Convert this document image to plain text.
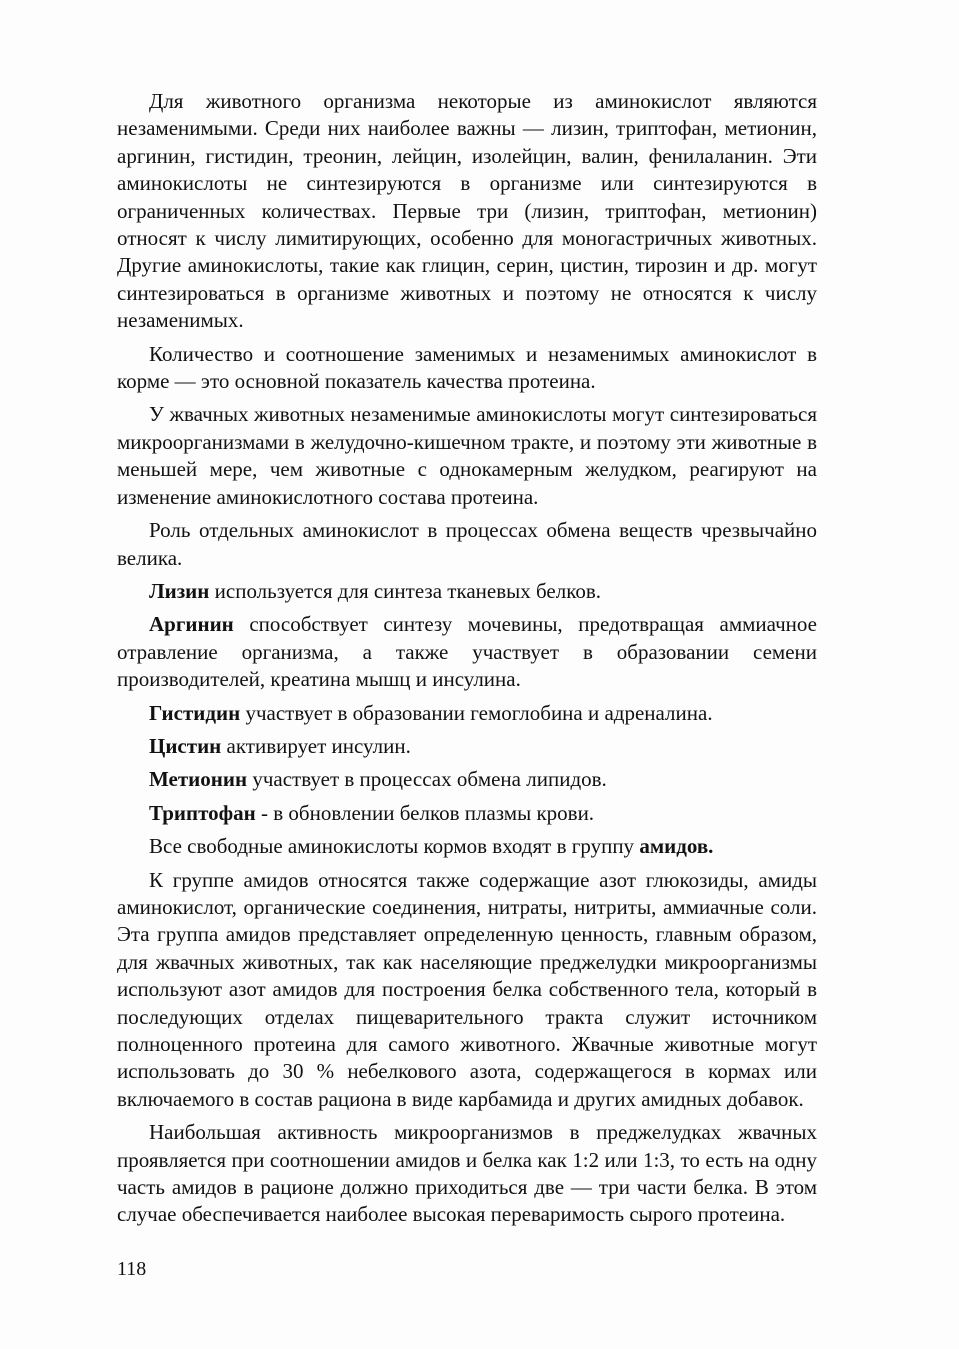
Для животного организма некоторые из аминокислот являются незаменимыми. Среди них наиболее важны — лизин, триптофан, метионин, аргинин, гистидин, треонин, лейцин, изолейцин, валин, фенилаланин. Эти аминокислоты не синтезируются в организме или синтезируются в ограниченных количествах. Первые три (лизин, триптофан, метионин) относят к числу лимитирующих, особенно для моногастричных животных. Другие аминокислоты, такие как глицин, серин, цистин, тирозин и др. могут синтезироваться в организме животных и поэтому не относятся к числу незаменимых.

Количество и соотношение заменимых и незаменимых аминокислот в корме — это основной показатель качества протеина.

У жвачных животных незаменимые аминокислоты могут синтезироваться микроорганизмами в желудочно-кишечном тракте, и поэтому эти животные в меньшей мере, чем животные с однокамерным желудком, реагируют на изменение аминокислотного состава протеина.

Роль отдельных аминокислот в процессах обмена веществ чрезвычайно велика.

Лизин используется для синтеза тканевых белков.

Аргинин способствует синтезу мочевины, предотвращая аммиачное отравление организма, а также участвует в образовании семени производителей, креатина мышц и инсулина.

Гистидин участвует в образовании гемоглобина и адреналина.

Цистин активирует инсулин.

Метионин участвует в процессах обмена липидов.

Триптофан - в обновлении белков плазмы крови.

Все свободные аминокислоты кормов входят в группу амидов.

К группе амидов относятся также содержащие азот глюкозиды, амиды аминокислот, органические соединения, нитраты, нитриты, аммиачные соли. Эта группа амидов представляет определенную ценность, главным образом, для жвачных животных, так как населяющие преджелудки микроорганизмы используют азот амидов для построения белка собственного тела, который в последующих отделах пищеварительного тракта служит источником полноценного протеина для самого животного. Жвачные животные могут использовать до 30 % небелкового азота, содержащегося в кормах или включаемого в состав рациона в виде карбамида и других амидных добавок.

Наибольшая активность микроорганизмов в преджелудках жвачных проявляется при соотношении амидов и белка как 1:2 или 1:3, то есть на одну часть амидов в рационе должно приходиться две — три части белка. В этом случае обеспечивается наиболее высокая переваримость сырого протеина.

118
